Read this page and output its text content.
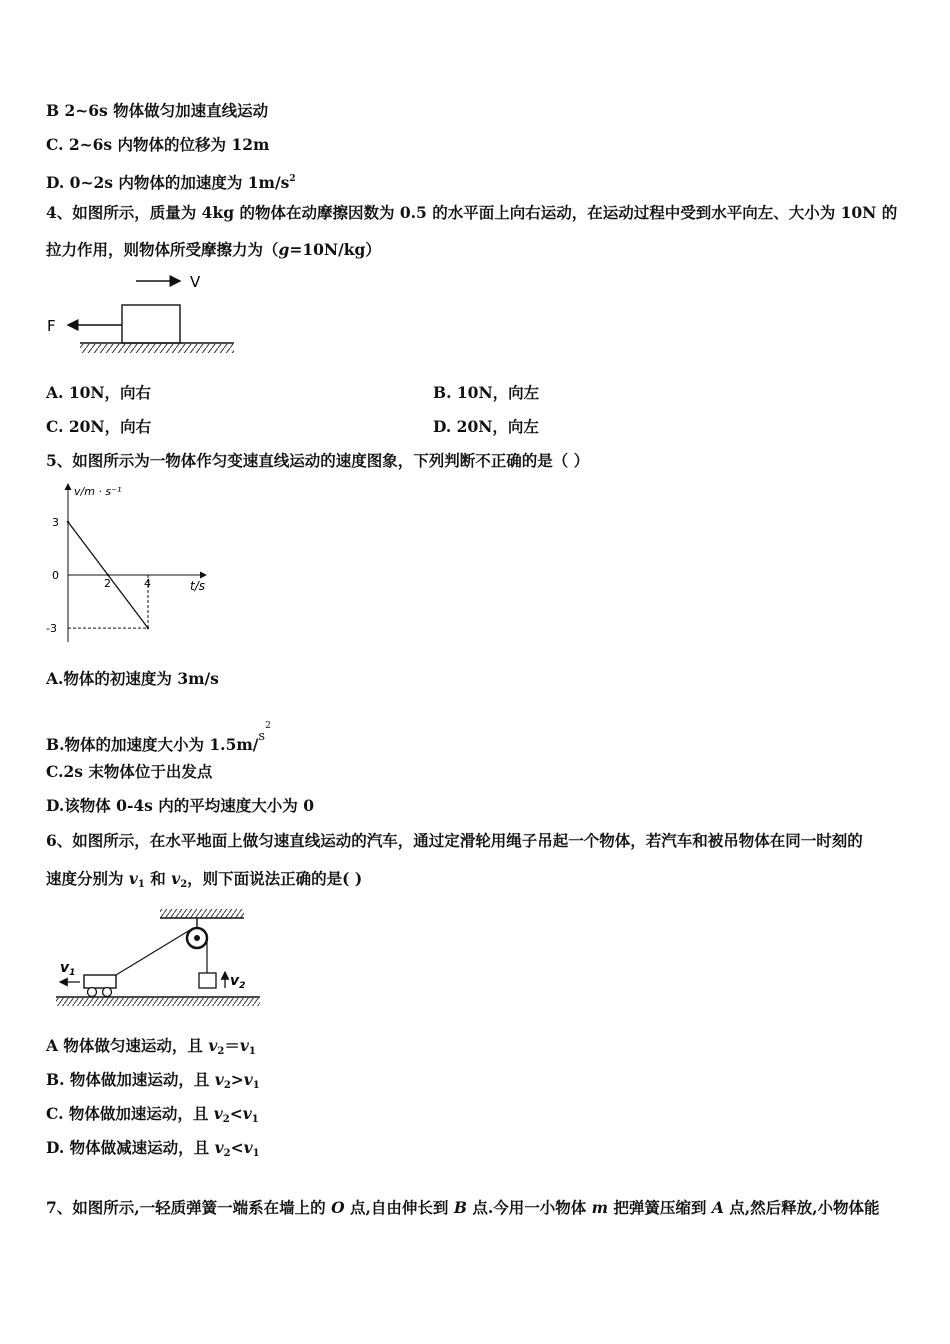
B 2~6s 物体做匀加速直线运动
C. 2~6s 内物体的位移为 12m
D. 0~2s 内物体的加速度为 $1m/s^2$
4、如图所示，质量为 4kg 的物体在动摩擦因数为 0.5 的水平面上向右运动，在运动过程中受到水平向左、大小为 10N 的
拉力作用，则物体所受摩擦力为（g=10N/kg）
V
F
A. 10N，向右	B. 10N，向左
C. 20N，向右	D. 20N，向左
5、如图所示为一物体作匀变速直线运动的速度图象，下列判断不正确的是（ ）
v/m · s⁻¹
t/s
2	4
3
0
-3
A.物体的初速度为 3m/s
B.物体的加速度大小为 1.5m/$^{s2}$
C.2s 末物体位于出发点
D.该物体 0-4s 内的平均速度大小为 0
6、如图所示，在水平地面上做匀速直线运动的汽车，通过定滑轮用绳子吊起一个物体，若汽车和被吊物体在同一时刻的
速度分别为 $v_1$ 和 $v_2$，则下面说法正确的是( )
$v_2$
$v_1$
A 物体做匀速运动，且 $v_2=v_1$
B. 物体做加速运动，且 $v_2>v_1$
C. 物体做加速运动，且 $v_2<v_1$
D. 物体做减速运动，且 $v_2<v_1$
7、如图所示,一轻质弹簧一端系在墙上的 O 点,自由伸长到 B 点.今用一小物体 m 把弹簧压缩到 A 点,然后释放,小物体能
